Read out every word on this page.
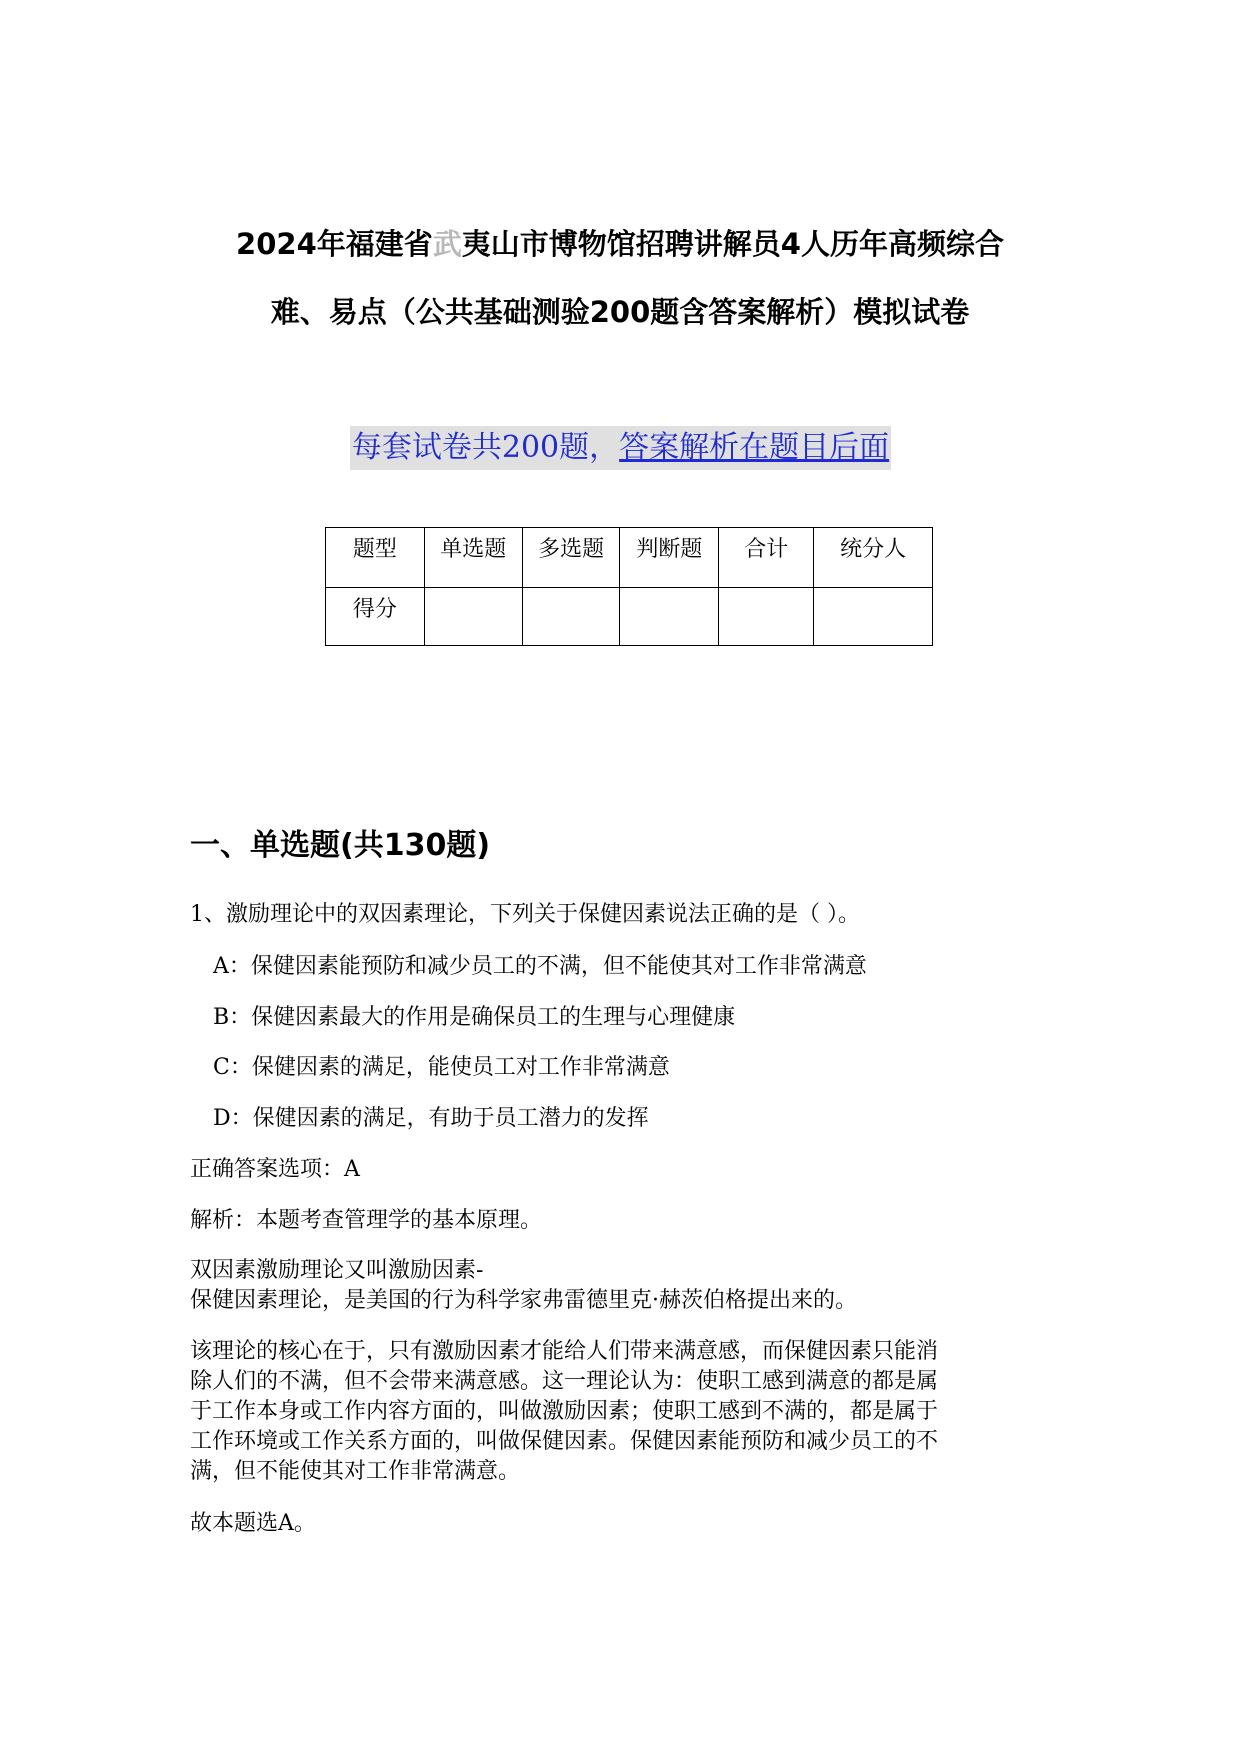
2024年福建省武夷山市博物馆招聘讲解员4人历年高频综合
难、易点（公共基础测验200题含答案解析）模拟试卷
每套试卷共200题，答案解析在题目后面
题型	单选题	多选题	判断题	合计	统分人
得分					
一、单选题(共130题)
1、激励理论中的双因素理论，下列关于保健因素说法正确的是（ ）。
A：保健因素能预防和减少员工的不满，但不能使其对工作非常满意
B：保健因素最大的作用是确保员工的生理与心理健康
C：保健因素的满足，能使员工对工作非常满意
D：保健因素的满足，有助于员工潜力的发挥

正确答案选项：A

解析：本题考查管理学的基本原理。

双因素激励理论又叫激励因素-

保健因素理论，是美国的行为科学家弗雷德里克·赫茨伯格提出来的。

该理论的核心在于，只有激励因素才能给人们带来满意感，而保健因素只能消

除人们的不满，但不会带来满意感。这一理论认为：使职工感到满意的都是属

于工作本身或工作内容方面的，叫做激励因素；使职工感到不满的，都是属于

工作环境或工作关系方面的，叫做保健因素。保健因素能预防和减少员工的不

满，但不能使其对工作非常满意。

故本题选A。
